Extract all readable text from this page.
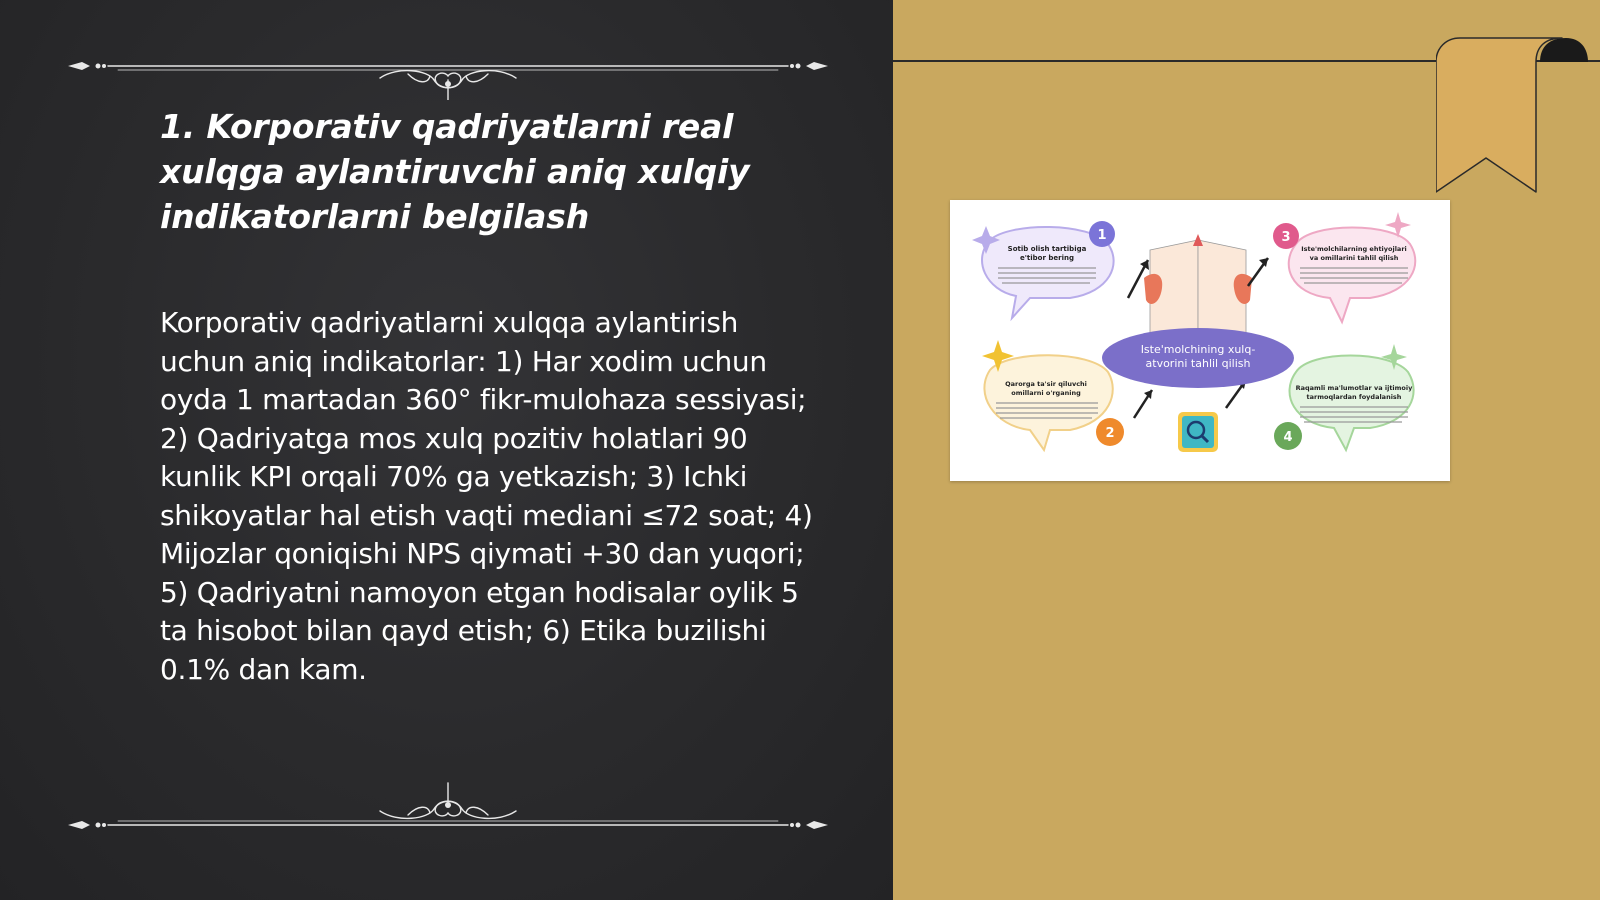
1. Korporativ qadriyatlarni real xulqga aylantiruvchi aniq xulqiy indikatorlarni belgilash

Korporativ qadriyatlarni xulqqa aylantirish uchun aniq indikatorlar: 1) Har xodim uchun oyda 1 martadan 360° fikr-mulohaza sessiyasi; 2) Qadriyatga mos xulq pozitiv holatlari 90 kunlik KPI orqali 70% ga yetkazish; 3) Ichki shikoyatlar hal etish vaqti mediani ≤72 soat; 4) Mijozlar qoniqishi NPS qiymati +30 dan yuqori; 5) Qadriyatni namoyon etgan hodisalar oylik 5 ta hisobot bilan qayd etish; 6) Etika buzilishi 0.1% dan kam.

1
Sotib olish tartibiga
e'tibor bering
3
Iste'molchilarning ehtiyojlari
va omillarini tahlil qilish
2
Qarorga ta'sir qiluvchi
omillarni o'rganing
4
Raqamli ma'lumotlar va ijtimoiy
tarmoqlardan foydalanish
Iste'molchining xulq-
atvorini tahlil qilish
